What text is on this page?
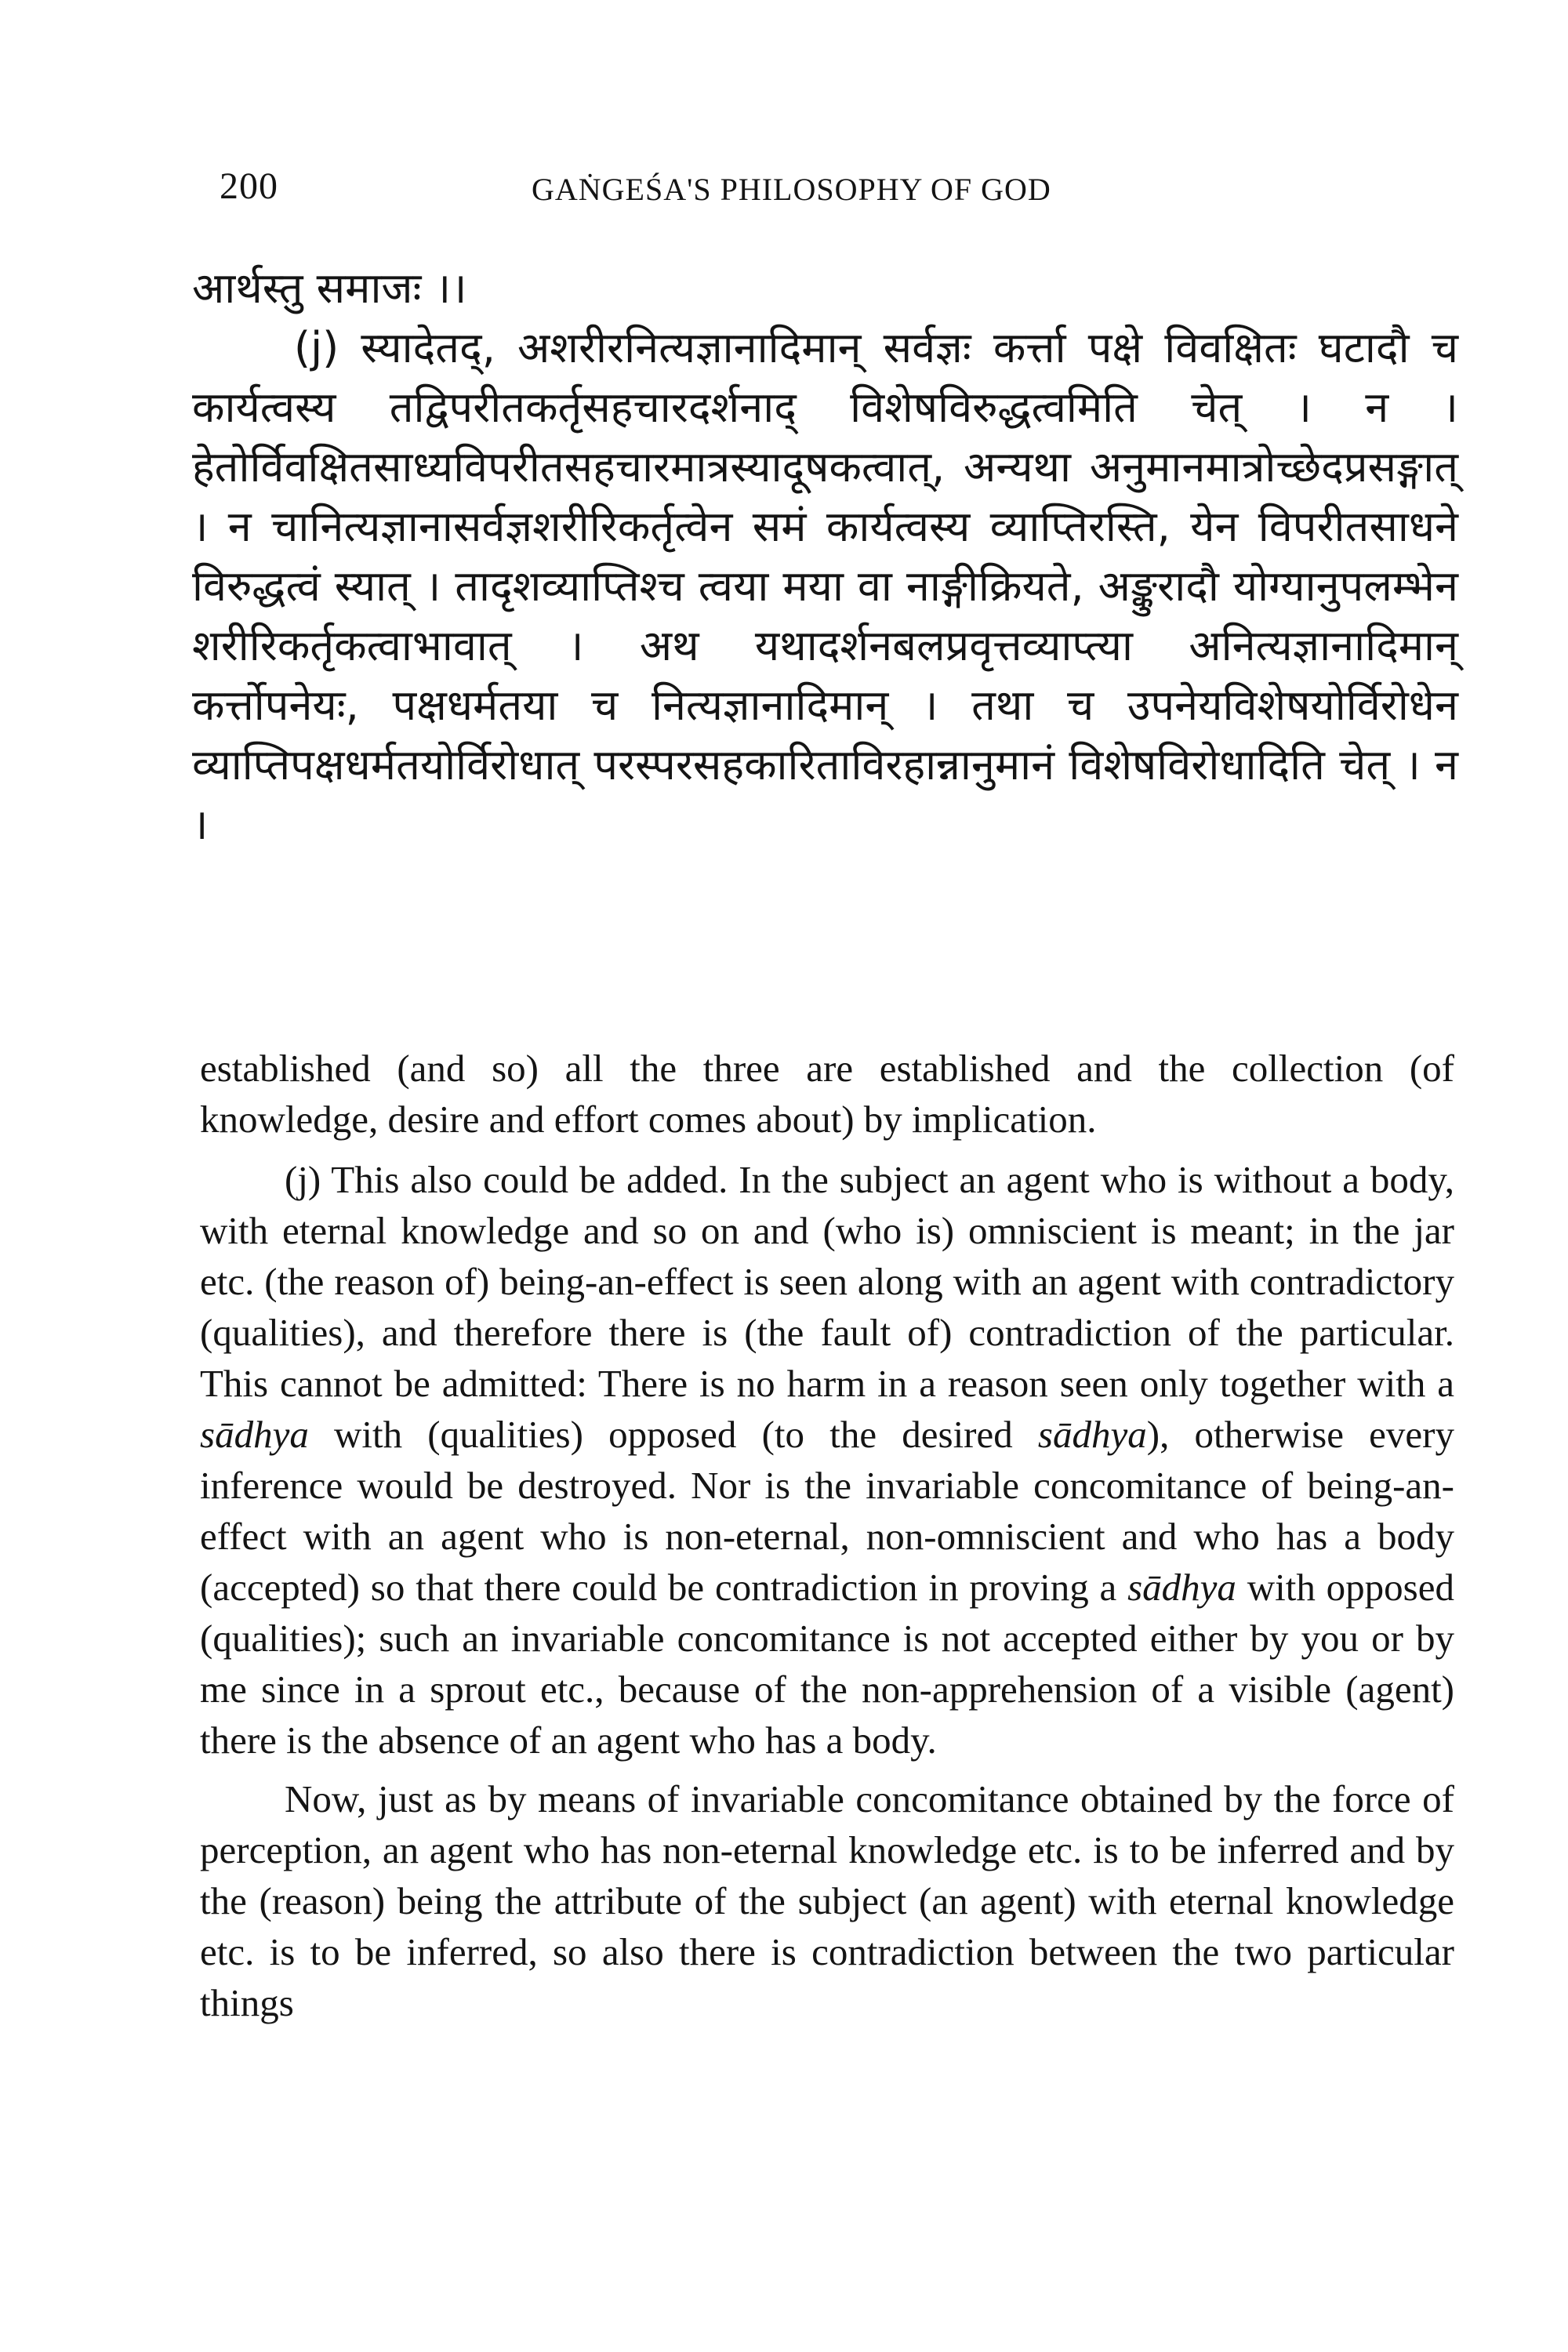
200	GAṄGEŚA'S PHILOSOPHY OF GOD

आर्थस्तु समाजः ।।

(j) स्यादेतद्, अशरीरनित्यज्ञानादिमान् सर्वज्ञः कर्त्ता पक्षे विवक्षितः घटादौ च कार्यत्वस्य तद्विपरीतकर्तृसहचारदर्शनाद् विशेषविरुद्धत्वमिति चेत् । न । हेतोर्विवक्षितसाध्यविपरीतसहचारमात्रस्यादूषकत्वात्, अन्यथा अनुमानमात्रोच्छेदप्रसङ्गात् । न चानित्यज्ञानासर्वज्ञशरीरिकर्तृत्वेन समं कार्यत्वस्य व्याप्तिरस्ति, येन विपरीतसाधने विरुद्धत्वं स्यात् । तादृशव्याप्तिश्च त्वया मया वा नाङ्गीक्रियते, अङ्कुरादौ योग्यानुपलम्भेन शरीरिकर्तृकत्वाभावात् । अथ यथादर्शनबलप्रवृत्तव्याप्त्या अनित्यज्ञानादिमान् कर्त्तोपनेयः, पक्षधर्मतया च नित्यज्ञानादिमान् । तथा च उपनेयविशेषयोर्विरोधेन व्याप्तिपक्षधर्मतयोर्विरोधात् परस्परसहकारिताविरहान्नानुमानं विशेषविरोधादिति चेत् । न ।

established (and so) all the three are established and the collection (of knowledge, desire and effort comes about) by implication.

(j) This also could be added. In the subject an agent who is without a body, with eternal knowledge and so on and (who is) omniscient is meant; in the jar etc. (the reason of) being-an-effect is seen along with an agent with contradictory (qualities), and therefore there is (the fault of) contradiction of the particular. This cannot be admitted: There is no harm in a reason seen only together with a sādhya with (qualities) opposed (to the desired sādhya), otherwise every inference would be destroyed. Nor is the invariable concomitance of being-an-effect with an agent who is non-eternal, non-omniscient and who has a body (accepted) so that there could be contradiction in proving a sādhya with opposed (qualities); such an invariable concomitance is not accepted either by you or by me since in a sprout etc., because of the non-apprehension of a visible (agent) there is the absence of an agent who has a body.

Now, just as by means of invariable concomitance obtained by the force of perception, an agent who has non-eternal knowledge etc. is to be inferred and by the (reason) being the attribute of the subject (an agent) with eternal knowledge etc. is to be inferred, so also there is contradiction between the two particular things
